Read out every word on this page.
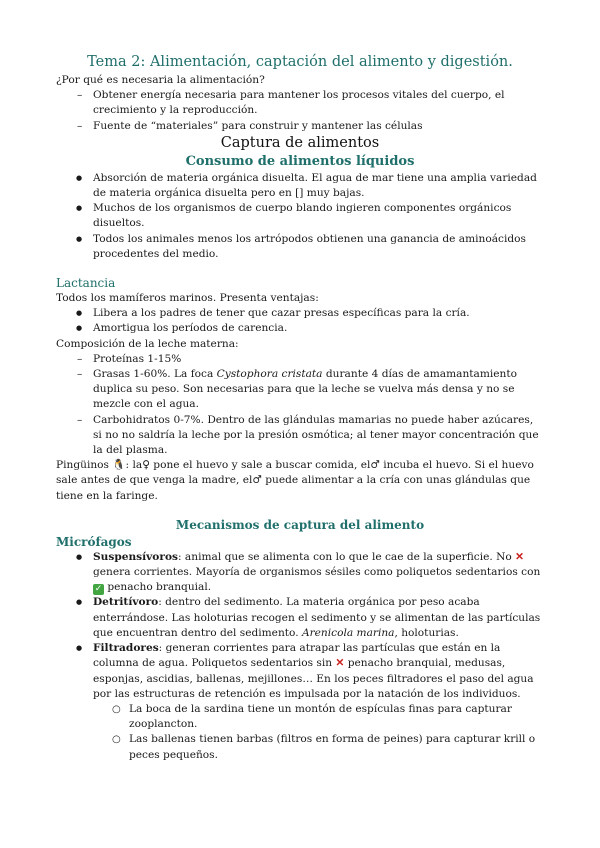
Tema 2: Alimentación, captación del alimento y digestión.

¿Por qué es necesaria la alimentación?

– Obtener energía necesaria para mantener los procesos vitales del cuerpo, el crecimiento y la reproducción.
– Fuente de “materiales” para construir y mantener las células
Captura de alimentos
Consumo de alimentos líquidos
● Absorción de materia orgánica disuelta. El agua de mar tiene una amplia variedad de materia orgánica disuelta pero en [] muy bajas.
● Muchos de los organismos de cuerpo blando ingieren componentes orgánicos disueltos.
● Todos los animales menos los artrópodos obtienen una ganancia de aminoácidos procedentes del medio.
Lactancia

Todos los mamíferos marinos. Presenta ventajas:

● Libera a los padres de tener que cazar presas específicas para la cría.
● Amortigua los períodos de carencia.

Composición de la leche materna:

– Proteínas 1-15%
– Grasas 1-60%. La foca Cystophora cristata durante 4 días de amamantamiento duplica su peso. Son necesarias para que la leche se vuelva más densa y no se mezcle con el agua.
– Carbohidratos 0-7%. Dentro de las glándulas mamarias no puede haber azúcares, si no no saldría la leche por la presión osmótica; al tener mayor concentración que la del plasma.

Pingüinos 🐧: la♀ pone el huevo y sale a buscar comida, el♂ incuba el huevo. Si el huevo sale antes de que venga la madre, el♂ puede alimentar a la cría con unas glándulas que tiene en la faringe.

Mecanismos de captura del alimento
Micrófagos
● Suspensívoros: animal que se alimenta con lo que le cae de la superficie. No ✕ genera corrientes. Mayoría de organismos sésiles como poliquetos sedentarios con ✓ penacho branquial.
● Detritívoro: dentro del sedimento. La materia orgánica por peso acaba enterrándose. Las holoturias recogen el sedimento y se alimentan de las partículas que encuentran dentro del sedimento. Arenicola marina, holoturias.
● Filtradores: generan corrientes para atrapar las partículas que están en la columna de agua. Poliquetos sedentarios sin ✕ penacho branquial, medusas, esponjas, ascidias, ballenas, mejillones… En los peces filtradores el paso del agua por las estructuras de retención es impulsada por la natación de los individuos.
○ La boca de la sardina tiene un montón de espículas finas para capturar zooplancton.
○ Las ballenas tienen barbas (filtros en forma de peines) para capturar krill o peces pequeños.
